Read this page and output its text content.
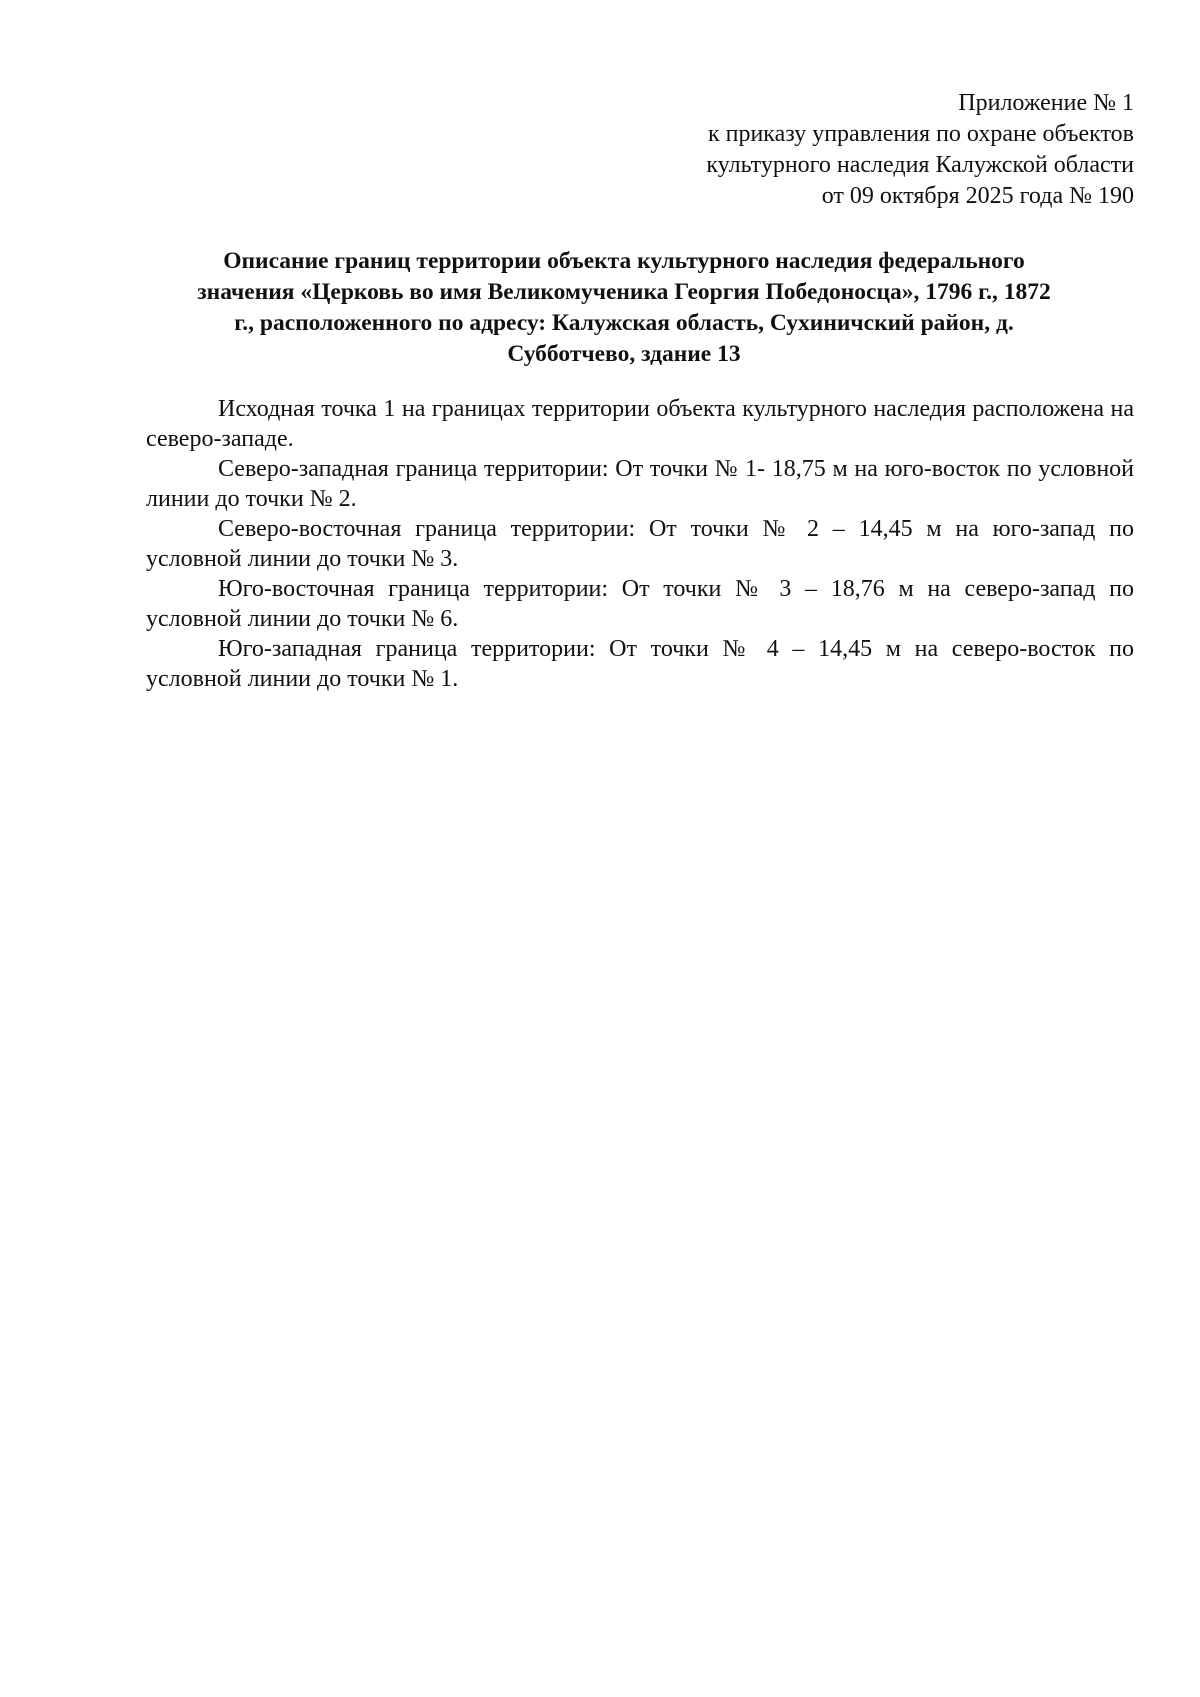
Приложение № 1
к приказу управления по охране объектов
культурного наследия Калужской области
от 09 октября 2025 года № 190
Описание границ территории объекта культурного наследия федерального
значения «Церковь во имя Великомученика Георгия Победоносца», 1796 г., 1872
г., расположенного по адресу: Калужская область, Сухиничский район, д.
Субботчево, здание 13

Исходная точка 1 на границах территории объекта культурного наследия расположена на северо-западе.

Северо-западная граница территории: От точки № 1- 18,75 м на юго-восток по условной линии до точки № 2.

Северо-восточная граница территории: От точки № 2 – 14,45 м на юго-запад по условной линии до точки № 3.

Юго-восточная граница территории: От точки № 3 – 18,76 м на северо-запад по условной линии до точки № 6.

Юго-западная граница территории: От точки № 4 – 14,45 м на северо-восток по условной линии до точки № 1.
